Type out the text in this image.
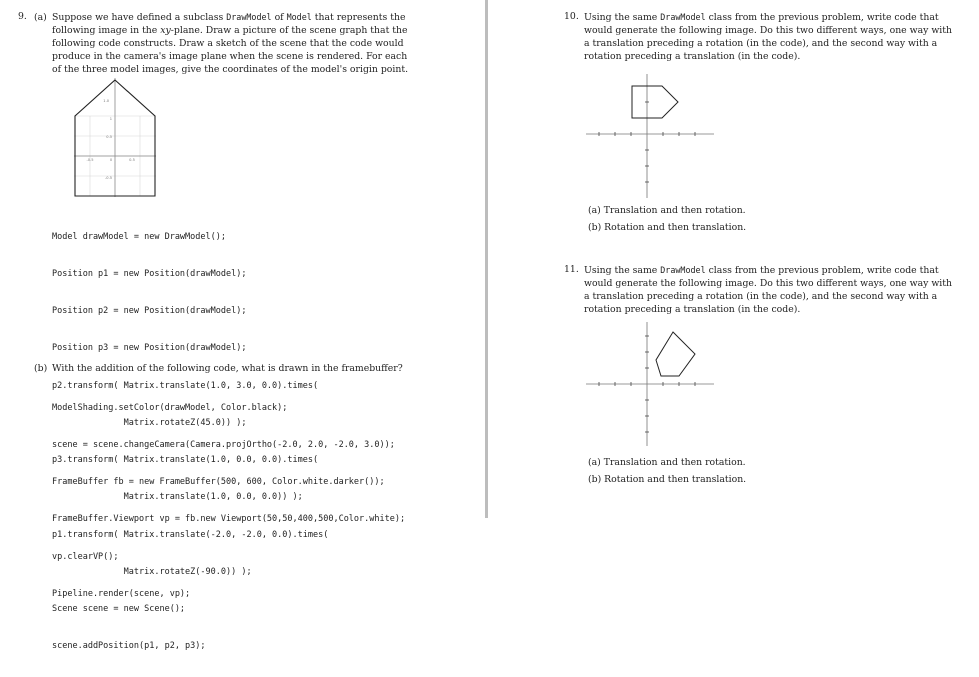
9. (a) Suppose we have defined a subclass DrawModel of Model that represents the
following image in the xy-plane. Draw a picture of the scene graph that the
following code constructs. Draw a sketch of the scene that the code would
produce in the camera's image plane when the scene is rendered. For each
of the three model images, give the coordinates of the model's origin point.
1.0
1
0.5
-0.5	0	0.5
-0.5

Model drawModel = new DrawModel();

Position p1 = new Position(drawModel);

Position p2 = new Position(drawModel);

Position p3 = new Position(drawModel);

p2.transform( Matrix.translate(1.0, 3.0, 0.0).times(

Matrix.rotateZ(45.0)) );

p3.transform( Matrix.translate(1.0, 0.0, 0.0).times(

Matrix.translate(1.0, 0.0, 0.0)) );

p1.transform( Matrix.translate(-2.0, -2.0, 0.0).times(

Matrix.rotateZ(-90.0)) );

Scene scene = new Scene();

scene.addPosition(p1, p2, p3);

(b) With the addition of the following code, what is drawn in the framebuffer?

ModelShading.setColor(drawModel, Color.black);

scene = scene.changeCamera(Camera.projOrtho(-2.0, 2.0, -2.0, 3.0));

FrameBuffer fb = new FrameBuffer(500, 600, Color.white.darker());

FrameBuffer.Viewport vp = fb.new Viewport(50,50,400,500,Color.white);

vp.clearVP();

Pipeline.render(scene, vp);

10. Using the same DrawModel class from the previous problem, write code that
would generate the following image. Do this two different ways, one way with
a translation preceding a rotation (in the code), and the second way with a
rotation preceding a translation (in the code).
(a) Translation and then rotation.
(b) Rotation and then translation.
11. Using the same DrawModel class from the previous problem, write code that
would generate the following image. Do this two different ways, one way with
a translation preceding a rotation (in the code), and the second way with a
rotation preceding a translation (in the code).
(a) Translation and then rotation.
(b) Rotation and then translation.
